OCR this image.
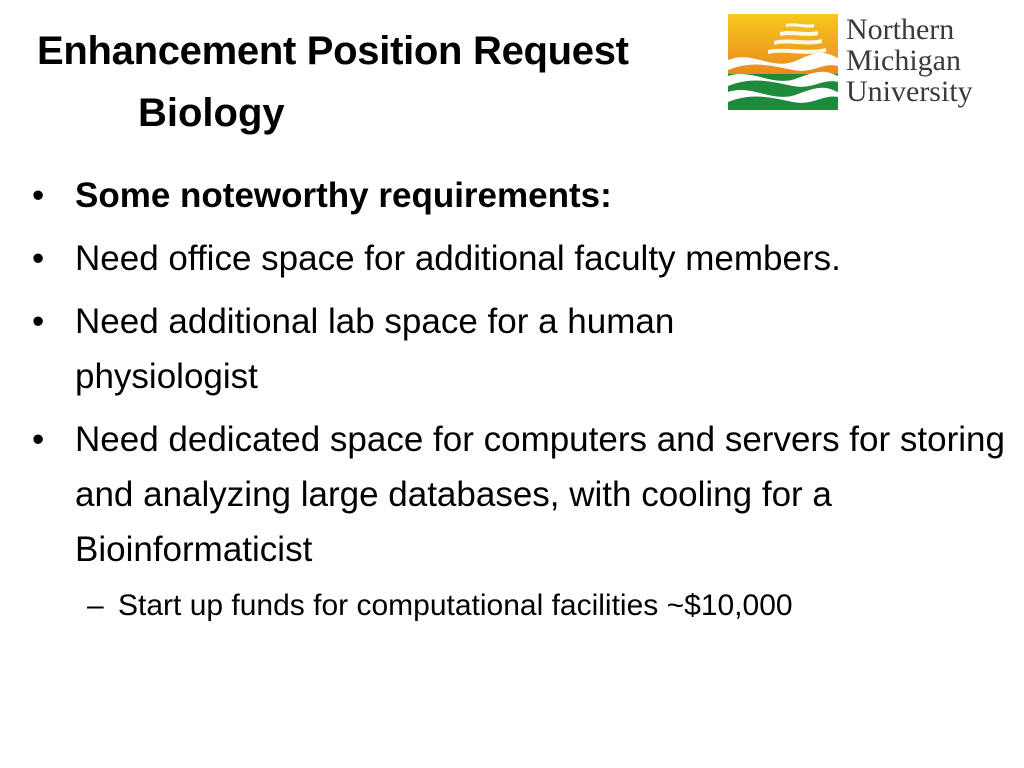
Enhancement Position Request
Biology
Northern
Michigan
University
• Some noteworthy requirements:
• Need office space for additional faculty members.
• Need additional lab space for a human physiologist
• Need dedicated space for computers and servers for storing and analyzing large databases, with cooling for a Bioinformaticist
– Start up funds for computational facilities ~$10,000
